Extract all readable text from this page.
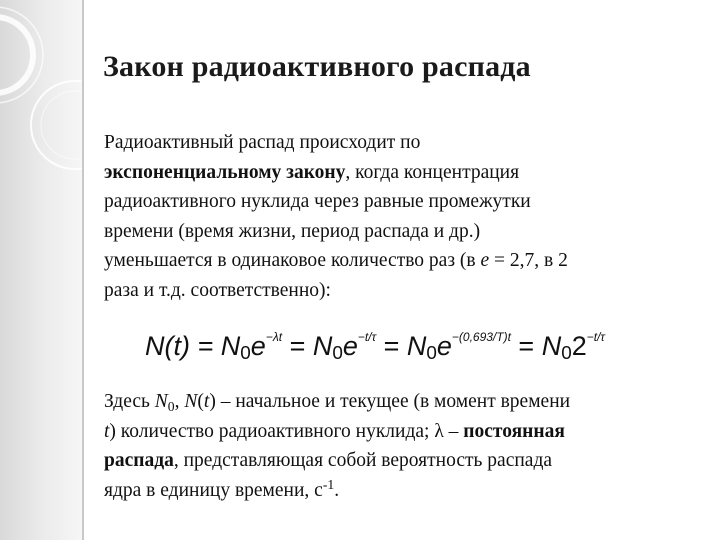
Закон радиоактивного распада
Радиоактивный распад происходит по
экспоненциальному закону, когда концентрация
радиоактивного нуклида через равные промежутки
времени (время жизни, период распада и др.)
уменьшается в одинаковое количество раз (в e = 2,7, в 2
раза и т.д. соответственно):
$N(t) = N_0e^{-\lambda t} = N_0e^{-t/\tau} = N_0e^{-(0,693/T)t} = N_02^{-t/\tau}$
Здесь $N_0$, N(t) – начальное и текущее (в момент времени
t) количество радиоактивного нуклида; λ – постоянная
распада, представляющая собой вероятность распада
ядра в единицу времени, $с^{-1}$.
